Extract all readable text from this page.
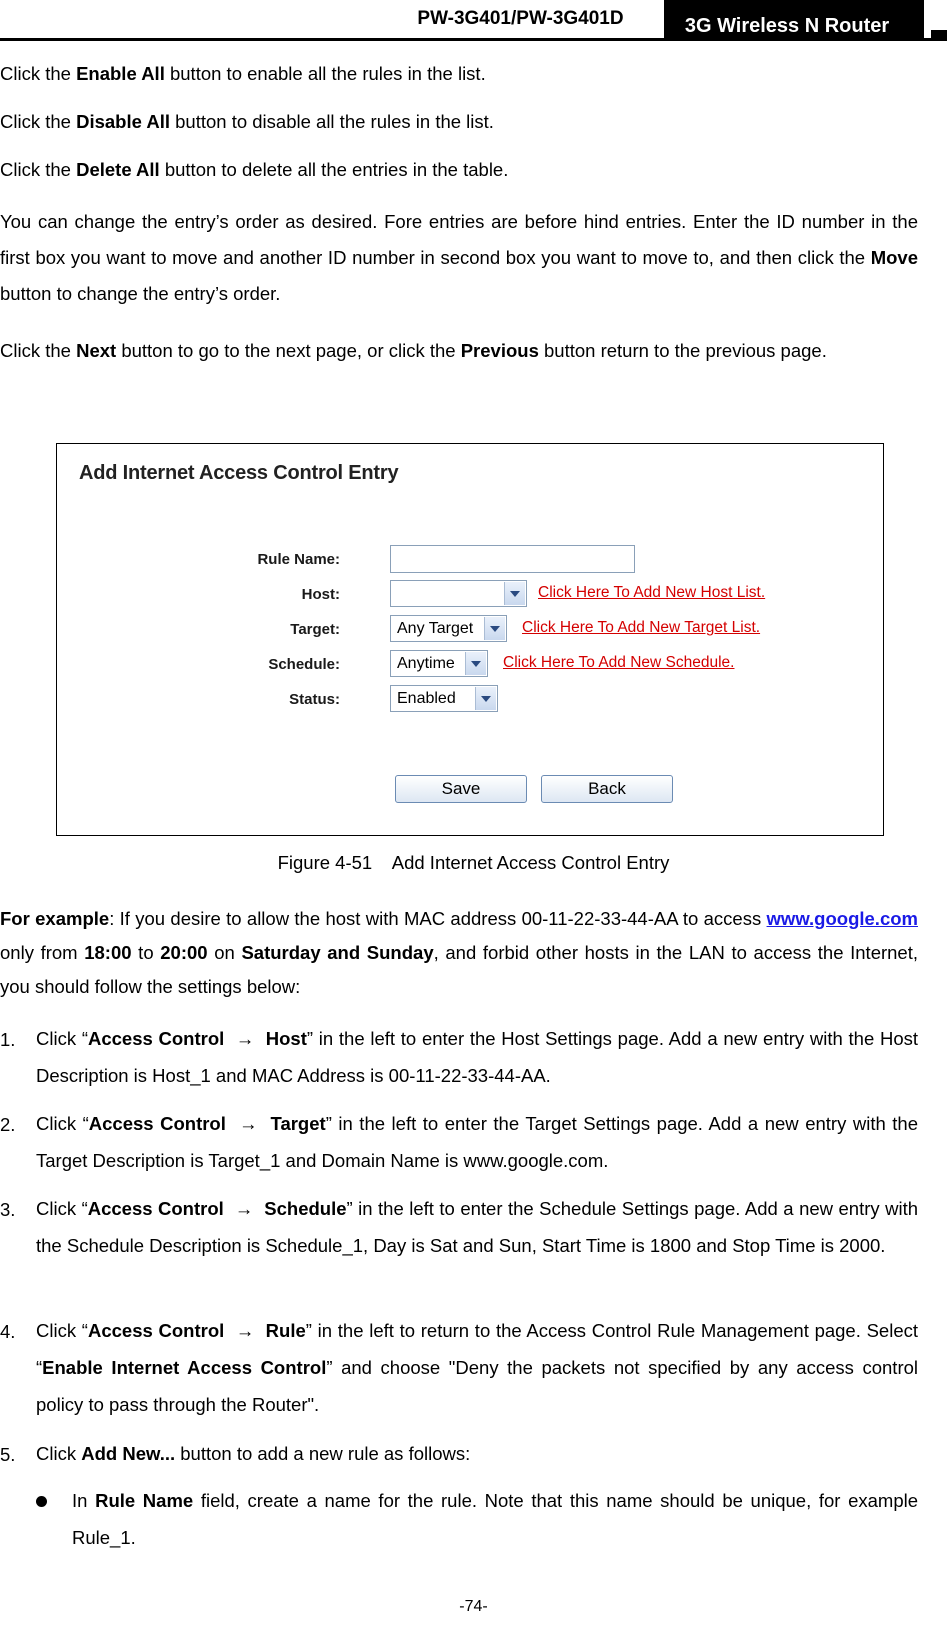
PW-3G401/PW-3G401D	3G Wireless N Router

Click the Enable All button to enable all the rules in the list.

Click the Disable All button to disable all the rules in the list.

Click the Delete All button to delete all the entries in the table.

You can change the entry’s order as desired. Fore entries are before hind entries. Enter the ID number in the first box you want to move and another ID number in second box you want to move to, and then click the Move button to change the entry’s order.

Click the Next button to go to the next page, or click the Previous button return to the previous page.

Add Internet Access Control Entry
Rule Name:
Host:	Click Here To Add New Host List.
Target:	Any Target	Click Here To Add New Target List.
Schedule:	Anytime	Click Here To Add New Schedule.
Status:	Enabled
Save	Back
Figure 4-51    Add Internet Access Control Entry

For example: If you desire to allow the host with MAC address 00-11-22-33-44-AA to access www.google.com only from 18:00 to 20:00 on Saturday and Sunday, and forbid other hosts in the LAN to access the Internet, you should follow the settings below:

1. Click “Access Control → Host” in the left to enter the Host Settings page. Add a new entry with the Host Description is Host_1 and MAC Address is 00-11-22-33-44-AA.
2. Click “Access Control → Target” in the left to enter the Target Settings page. Add a new entry with the Target Description is Target_1 and Domain Name is www.google.com.
3. Click “Access Control → Schedule” in the left to enter the Schedule Settings page. Add a new entry with the Schedule Description is Schedule_1, Day is Sat and Sun, Start Time is 1800 and Stop Time is 2000.
4. Click “Access Control → Rule” in the left to return to the Access Control Rule Management page. Select “Enable Internet Access Control” and choose "Deny the packets not specified by any access control policy to pass through the Router".
5. Click Add New... button to add a new rule as follows:
In Rule Name field, create a name for the rule. Note that this name should be unique, for example Rule_1.
-74-
